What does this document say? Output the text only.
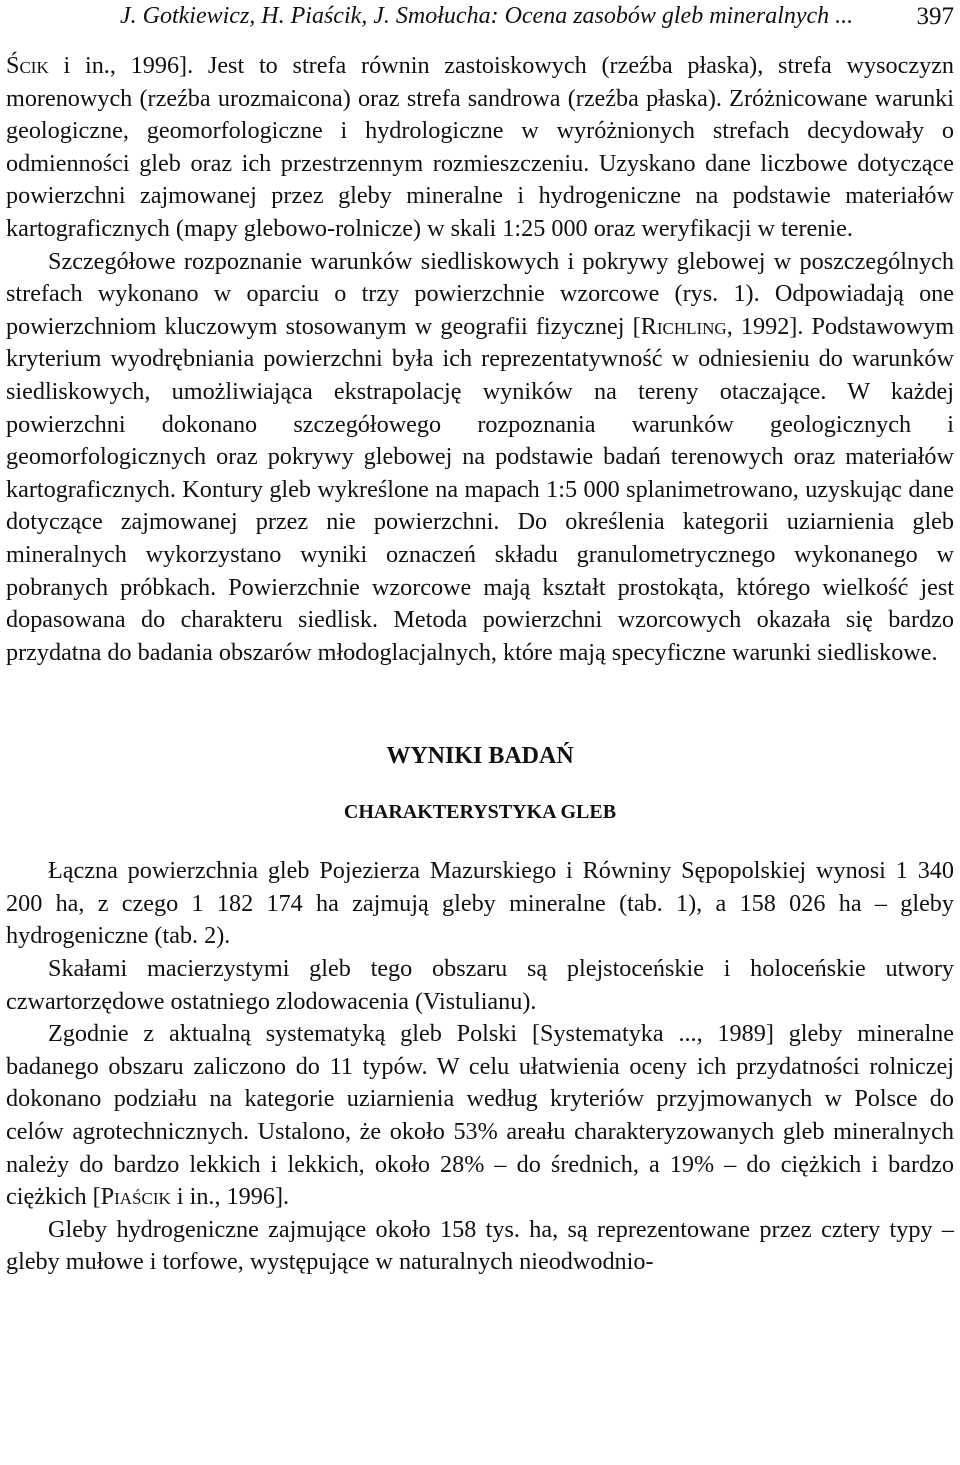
J. Gotkiewicz, H. Piaścik, J. Smołucha: Ocena zasobów gleb mineralnych ...	397

Ścik i in., 1996]. Jest to strefa równin zastoiskowych (rzeźba płaska), strefa wysoczyzn morenowych (rzeźba urozmaicona) oraz strefa sandrowa (rzeźba płaska). Zróżnicowane warunki geologiczne, geomorfologiczne i hydrologiczne w wyróżnionych strefach decydowały o odmienności gleb oraz ich przestrzennym rozmieszczeniu. Uzyskano dane liczbowe dotyczące powierzchni zajmowanej przez gleby mineralne i hydrogeniczne na podstawie materiałów kartograficznych (mapy glebowo-rolnicze) w skali 1:25 000 oraz weryfikacji w terenie.

Szczegółowe rozpoznanie warunków siedliskowych i pokrywy glebowej w poszczególnych strefach wykonano w oparciu o trzy powierzchnie wzorcowe (rys. 1). Odpowiadają one powierzchniom kluczowym stosowanym w geografii fizycznej [Richling, 1992]. Podstawowym kryterium wyodrębniania powierzchni była ich reprezentatywność w odniesieniu do warunków siedliskowych, umożliwiająca ekstrapolację wyników na tereny otaczające. W każdej powierzchni dokonano szczegółowego rozpoznania warunków geologicznych i geomorfologicznych oraz pokrywy glebowej na podstawie badań terenowych oraz materiałów kartograficznych. Kontury gleb wykreślone na mapach 1:5 000 splanimetrowano, uzyskując dane dotyczące zajmowanej przez nie powierzchni. Do określenia kategorii uziarnienia gleb mineralnych wykorzystano wyniki oznaczeń składu granulometrycznego wykonanego w pobranych próbkach. Powierzchnie wzorcowe mają kształt prostokąta, którego wielkość jest dopasowana do charakteru siedlisk. Metoda powierzchni wzorcowych okazała się bardzo przydatna do badania obszarów młodoglacjalnych, które mają specyficzne warunki siedliskowe.

WYNIKI BADAŃ
CHARAKTERYSTYKA GLEB

Łączna powierzchnia gleb Pojezierza Mazurskiego i Równiny Sępopolskiej wynosi 1 340 200 ha, z czego 1 182 174 ha zajmują gleby mineralne (tab. 1), a 158 026 ha – gleby hydrogeniczne (tab. 2).

Skałami macierzystymi gleb tego obszaru są plejstoceńskie i holoceńskie utwory czwartorzędowe ostatniego zlodowacenia (Vistulianu).

Zgodnie z aktualną systematyką gleb Polski [Systematyka ..., 1989] gleby mineralne badanego obszaru zaliczono do 11 typów. W celu ułatwienia oceny ich przydatności rolniczej dokonano podziału na kategorie uziarnienia według kryteriów przyjmowanych w Polsce do celów agrotechnicznych. Ustalono, że około 53% areału charakteryzowanych gleb mineralnych należy do bardzo lekkich i lekkich, około 28% – do średnich, a 19% – do ciężkich i bardzo ciężkich [Piaścik i in., 1996].

Gleby hydrogeniczne zajmujące około 158 tys. ha, są reprezentowane przez cztery typy – gleby mułowe i torfowe, występujące w naturalnych nieodwodnio-
